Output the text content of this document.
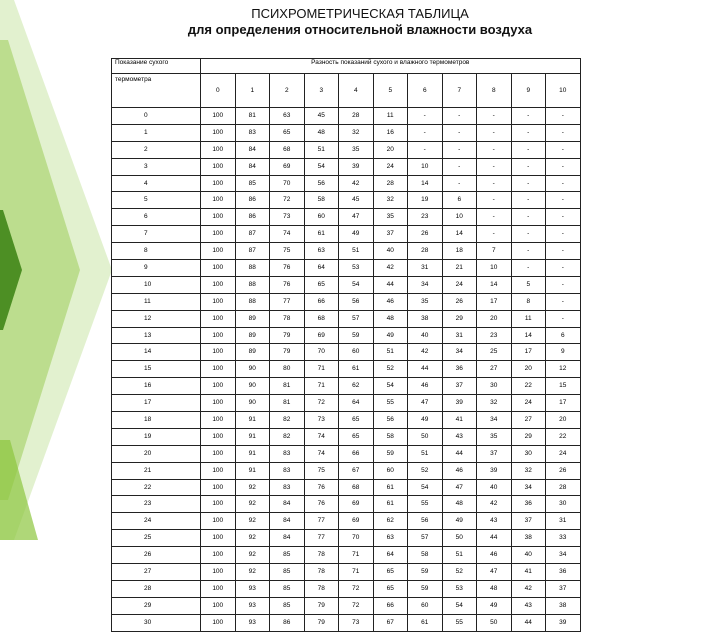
ПСИХРОМЕТРИЧЕСКАЯ ТАБЛИЦА
для определения относительной влажности воздуха
Показание сухого	Разность показаний сухого и влажного термометров										
термометра	0	1	2	3	4	5	6	7	8	9	10
0	100	81	63	45	28	11	-	-	-	-	-
1	100	83	65	48	32	16	-	-	-	-	-
2	100	84	68	51	35	20	-	-	-	-	-
3	100	84	69	54	39	24	10	-	-	-	-
4	100	85	70	56	42	28	14	-	-	-	-
5	100	86	72	58	45	32	19	6	-	-	-
6	100	86	73	60	47	35	23	10	-	-	-
7	100	87	74	61	49	37	26	14	-	-	-
8	100	87	75	63	51	40	28	18	7	-	-
9	100	88	76	64	53	42	31	21	10	-	-
10	100	88	76	65	54	44	34	24	14	5	-
11	100	88	77	66	56	46	35	26	17	8	-
12	100	89	78	68	57	48	38	29	20	11	-
13	100	89	79	69	59	49	40	31	23	14	6
14	100	89	79	70	60	51	42	34	25	17	9
15	100	90	80	71	61	52	44	36	27	20	12
16	100	90	81	71	62	54	46	37	30	22	15
17	100	90	81	72	64	55	47	39	32	24	17
18	100	91	82	73	65	56	49	41	34	27	20
19	100	91	82	74	65	58	50	43	35	29	22
20	100	91	83	74	66	59	51	44	37	30	24
21	100	91	83	75	67	60	52	46	39	32	26
22	100	92	83	76	68	61	54	47	40	34	28
23	100	92	84	76	69	61	55	48	42	36	30
24	100	92	84	77	69	62	56	49	43	37	31
25	100	92	84	77	70	63	57	50	44	38	33
26	100	92	85	78	71	64	58	51	46	40	34
27	100	92	85	78	71	65	59	52	47	41	36
28	100	93	85	78	72	65	59	53	48	42	37
29	100	93	85	79	72	66	60	54	49	43	38
30	100	93	86	79	73	67	61	55	50	44	39
